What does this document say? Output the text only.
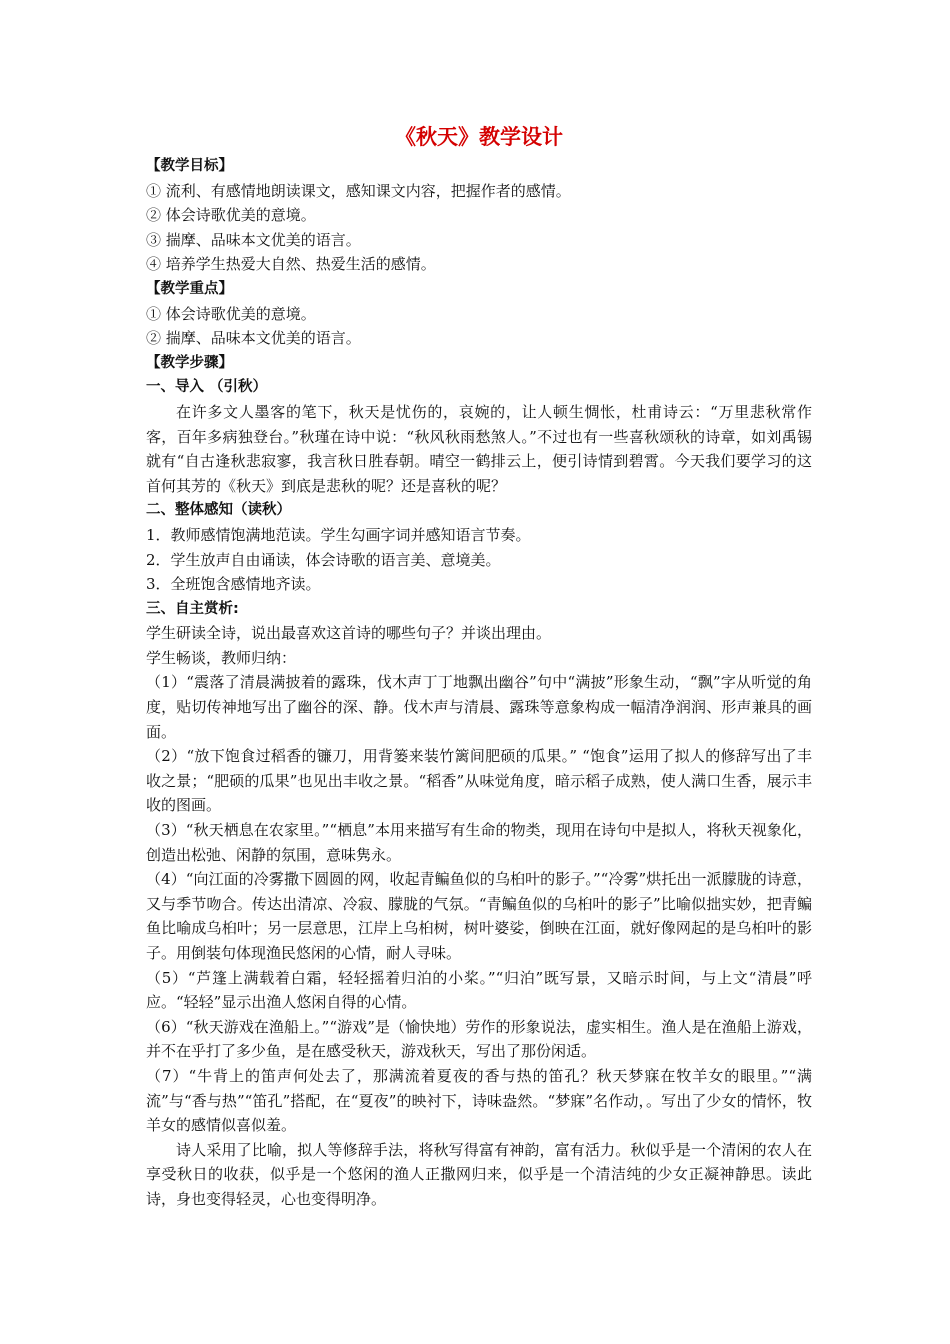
《秋天》教学设计
【教学目标】
① 流利、有感情地朗读课文，感知课文内容，把握作者的感情。
② 体会诗歌优美的意境。
③ 揣摩、品味本文优美的语言。
④ 培养学生热爱大自然、热爱生活的感情。
【教学重点】
① 体会诗歌优美的意境。
② 揣摩、品味本文优美的语言。
【教学步骤】
一、导入 （引秋）
在许多文人墨客的笔下，秋天是忧伤的，哀婉的，让人顿生惆怅，杜甫诗云：“万里悲秋常作客，百年多病独登台。”秋瑾在诗中说：“秋风秋雨愁煞人。”不过也有一些喜秋颂秋的诗章，如刘禹锡就有“自古逢秋悲寂寥，我言秋日胜春朝。晴空一鹤排云上，便引诗情到碧霄。今天我们要学习的这首何其芳的《秋天》到底是悲秋的呢？还是喜秋的呢？
二、整体感知（读秋）
1．教师感情饱满地范读。学生勾画字词并感知语言节奏。
2．学生放声自由诵读，体会诗歌的语言美、意境美。
3．全班饱含感情地齐读。
三、自主赏析:
学生研读全诗，说出最喜欢这首诗的哪些句子？并谈出理由。
学生畅谈，教师归纳：
（1）“震落了清晨满披着的露珠，伐木声丁丁地飘出幽谷”句中“满披”形象生动，“飘”字从听觉的角度，贴切传神地写出了幽谷的深、静。伐木声与清晨、露珠等意象构成一幅清净润润、形声兼具的画面。
（2）“放下饱食过稻香的镰刀，用背篓来装竹篱间肥硕的瓜果。” “饱食”运用了拟人的修辞写出了丰收之景；“肥硕的瓜果”也见出丰收之景。“稻香”从味觉角度，暗示稻子成熟，使人满口生香，展示丰收的图画。
（3）“秋天栖息在农家里。”“栖息”本用来描写有生命的物类，现用在诗句中是拟人，将秋天视象化，创造出松弛、闲静的氛围，意味隽永。
（4）“向江面的冷雾撒下圆圆的网，收起青鳊鱼似的乌桕叶的影子。”“冷雾”烘托出一派朦胧的诗意，又与季节吻合。传达出清凉、冷寂、朦胧的气氛。“青鳊鱼似的乌桕叶的影子”比喻似拙实妙，把青鳊鱼比喻成乌桕叶；另一层意思，江岸上乌桕树，树叶婆娑，倒映在江面，就好像网起的是乌桕叶的影子。用倒装句体现渔民悠闲的心情，耐人寻味。
（5）“芦篷上满载着白霜，轻轻摇着归泊的小桨。”“归泊”既写景，又暗示时间，与上文“清晨”呼应。“轻轻”显示出渔人悠闲自得的心情。
（6）“秋天游戏在渔船上。”“游戏”是（愉快地）劳作的形象说法，虚实相生。渔人是在渔船上游戏，并不在乎打了多少鱼，是在感受秋天，游戏秋天，写出了那份闲适。
（7）“牛背上的笛声何处去了，那满流着夏夜的香与热的笛孔？秋天梦寐在牧羊女的眼里。”“满流”与“香与热”“笛孔”搭配，在“夏夜”的映衬下，诗味盎然。“梦寐”名作动，。写出了少女的情怀，牧羊女的感情似喜似羞。
诗人采用了比喻，拟人等修辞手法，将秋写得富有神韵，富有活力。秋似乎是一个清闲的农人在享受秋日的收获，似乎是一个悠闲的渔人正撒网归来，似乎是一个清洁纯的少女正凝神静思。读此诗，身也变得轻灵，心也变得明净。
